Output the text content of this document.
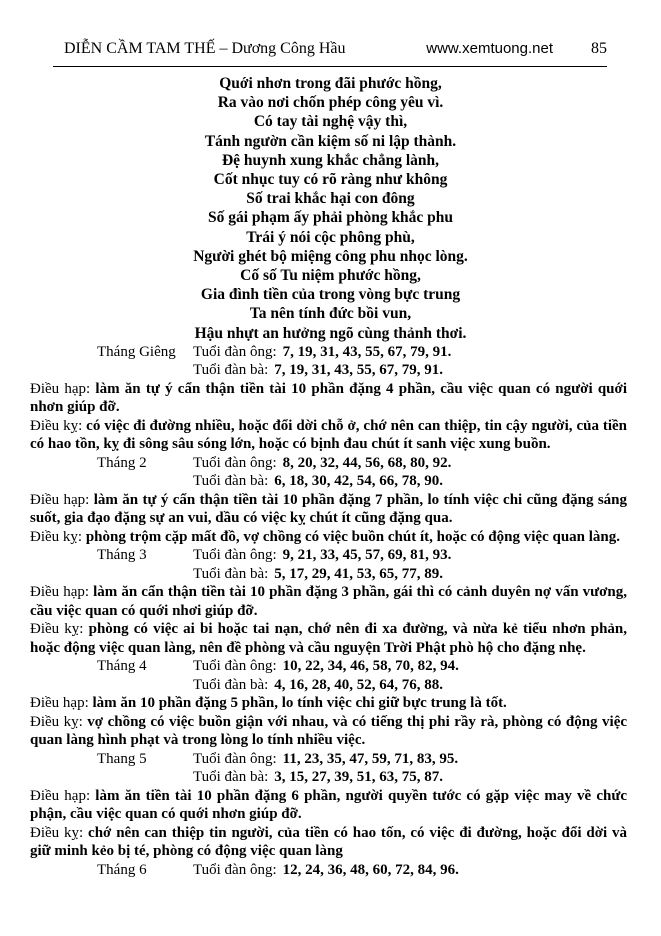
DIỄN CẦM TAM THẾ – Dương Công Hầu	www.xemtuong.net 85
Quới nhơn trong đãi phước hồng,
Ra vào nơi chốn phép công yêu vì.
Có tay tài nghệ vậy thì,
Tánh ngườn cần kiệm số ni lập thành.
Đệ huynh xung khắc chẳng lành,
Cốt nhục tuy có rõ ràng như không
Số trai khắc hại con đông
Số gái phạm ấy phải phòng khắc phu
Trái ý nói cộc phông phù,
Người ghét bộ miệng công phu nhọc lòng.
Cố số Tu niệm phước hồng,
Gia đình tiền của trong vòng bực trung
Ta nên tính đức bồi vun,
Hậu nhựt an hưởng ngõ cùng thảnh thơi.
Tháng Giêng Tuổi đàn ông: 7, 19, 31, 43, 55, 67, 79, 91.
Tuổi đàn bà: 7, 19, 31, 43, 55, 67, 79, 91.

Điều hạp: làm ăn tự ý cẩn thận tiền tài 10 phần đặng 4 phần, cầu việc quan có người quới nhơn giúp đỡ.

Điều kỵ: có việc đi đường nhiều, hoặc đổi dời chỗ ở, chớ nên can thiệp, tin cậy người, của tiền có hao tồn, kỵ đi sông sâu sóng lớn, hoặc có bịnh đau chút ít sanh việc xung buồn.

Tháng 2	Tuổi đàn ông: 8, 20, 32, 44, 56, 68, 80, 92.
Tuổi đàn bà: 6, 18, 30, 42, 54, 66, 78, 90.

Điều hạp: làm ăn tự ý cẩn thận tiền tài 10 phần đặng 7 phần, lo tính việc chi cũng đặng sáng suốt, gia đạo đặng sự an vui, dầu có việc kỵ chút ít cũng đặng qua.

Điều kỵ: phòng trộm cặp mất đồ, vợ chồng có việc buồn chút ít, hoặc có động việc quan làng.

Tháng 3	Tuổi đàn ông: 9, 21, 33, 45, 57, 69, 81, 93.
Tuổi đàn bà: 5, 17, 29, 41, 53, 65, 77, 89.

Điều hạp: làm ăn cẩn thận tiền tài 10 phần đặng 3 phần, gái thì có cảnh duyên nợ vấn vương, cầu việc quan có quới nhơi giúp đỡ.

Điều kỵ: phòng có việc ai bi hoặc tai nạn, chớ nên đi xa đường, và nừa kẻ tiểu nhơn phản, hoặc động việc quan làng, nên đề phòng và cầu nguyện Trời Phật phò hộ cho đặng nhẹ.

Tháng 4	Tuổi đàn ông: 10, 22, 34, 46, 58, 70, 82, 94.
Tuổi đàn bà: 4, 16, 28, 40, 52, 64, 76, 88.

Điều hạp: làm ăn 10 phần đặng 5 phần, lo tính việc chi giữ bực trung là tốt.

Điều kỵ: vợ chồng có việc buồn giận với nhau, và có tiếng thị phi rầy rà, phòng có động việc quan làng hình phạt và trong lòng lo tính nhiều việc.

Thang 5	Tuổi đàn ông: 11, 23, 35, 47, 59, 71, 83, 95.
Tuổi đàn bà: 3, 15, 27, 39, 51, 63, 75, 87.

Điều hạp: làm ăn tiền tài 10 phần đặng 6 phần, người quyền tước có gặp việc may về chức phận, cầu việc quan có quới nhơn giúp đỡ.

Điều kỵ: chớ nên can thiệp tin người, của tiền có hao tốn, có việc đi đường, hoặc đổi dời và giữ minh kẻo bị té, phòng có động việc quan làng

Tháng 6	Tuổi đàn ông: 12, 24, 36, 48, 60, 72, 84, 96.
